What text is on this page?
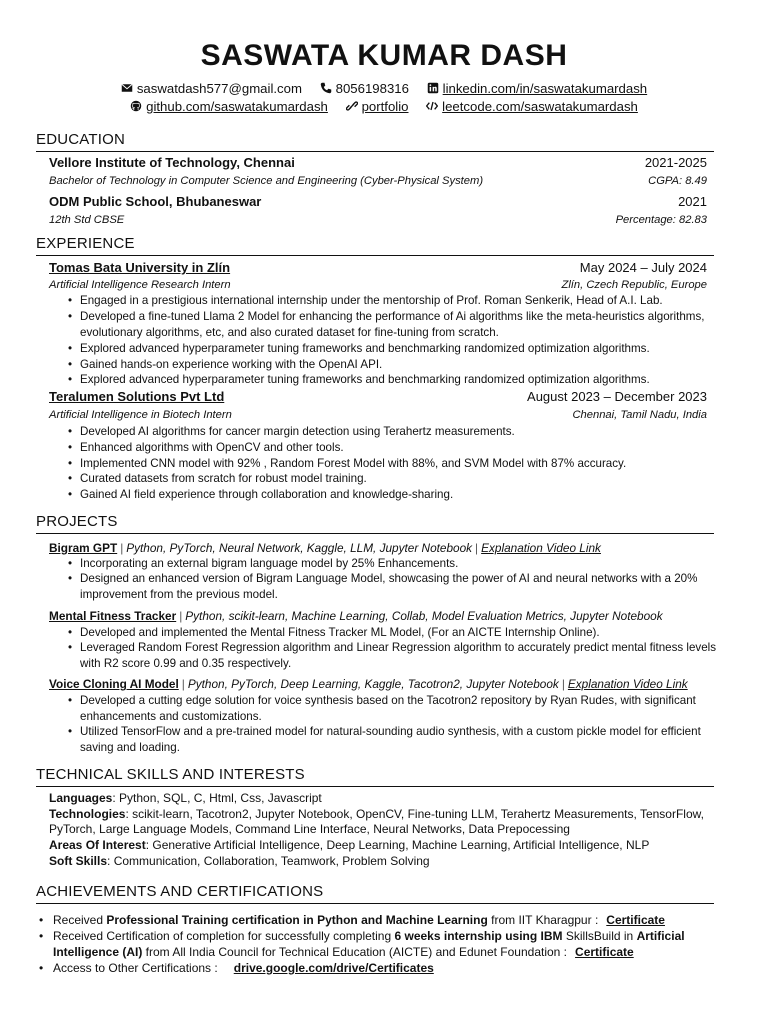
SASWATA KUMAR DASH
saswatdash577@gmail.com	8056198316	linkedin.com/in/saswatakumardash
github.com/saswatakumardash	portfolio	leetcode.com/saswatakumardash
EDUCATION
Vellore Institute of Technology, Chennai	2021-2025
Bachelor of Technology in Computer Science and Engineering (Cyber-Physical System)	CGPA: 8.49
ODM Public School, Bhubaneswar	2021
12th Std CBSE	Percentage: 82.83
EXPERIENCE
Tomas Bata University in Zlín	May 2024 – July 2024
Artificial Intelligence Research Intern	Zlín, Czech Republic, Europe
• Engaged in a prestigious international internship under the mentorship of Prof. Roman Senkerik, Head of A.I. Lab.
• Developed a fine-tuned Llama 2 Model for enhancing the performance of Ai algorithms like the meta-heuristics algorithms, evolutionary algorithms, etc, and also curated dataset for fine-tuning from scratch.
• Explored advanced hyperparameter tuning frameworks and benchmarking randomized optimization algorithms.
• Gained hands-on experience working with the OpenAI API.
• Explored advanced hyperparameter tuning frameworks and benchmarking randomized optimization algorithms.
Teralumen Solutions Pvt Ltd	August 2023 – December 2023
Artificial Intelligence in Biotech Intern	Chennai, Tamil Nadu, India
• Developed AI algorithms for cancer margin detection using Terahertz measurements.
• Enhanced algorithms with OpenCV and other tools.
• Implemented CNN model with 92% , Random Forest Model with 88%, and SVM Model with 87% accuracy.
• Curated datasets from scratch for robust model training.
• Gained AI field experience through collaboration and knowledge-sharing.
PROJECTS
Bigram GPT | Python, PyTorch, Neural Network, Kaggle, LLM, Jupyter Notebook | Explanation Video Link
• Incorporating an external bigram language model by 25% Enhancements.
• Designed an enhanced version of Bigram Language Model, showcasing the power of AI and neural networks with a 20% improvement from the previous model.
Mental Fitness Tracker | Python, scikit-learn, Machine Learning, Collab, Model Evaluation Metrics, Jupyter Notebook
• Developed and implemented the Mental Fitness Tracker ML Model, (For an AICTE Internship Online).
• Leveraged Random Forest Regression algorithm and Linear Regression algorithm to accurately predict mental fitness levels with R2 score 0.99 and 0.35 respectively.
Voice Cloning AI Model | Python, PyTorch, Deep Learning, Kaggle, Tacotron2, Jupyter Notebook | Explanation Video Link
• Developed a cutting edge solution for voice synthesis based on the Tacotron2 repository by Ryan Rudes, with significant enhancements and customizations.
• Utilized TensorFlow and a pre-trained model for natural-sounding audio synthesis, with a custom pickle model for efficient saving and loading.
TECHNICAL SKILLS AND INTERESTS
Languages: Python, SQL, C, Html, Css, Javascript
Technologies: scikit-learn, Tacotron2, Jupyter Notebook, OpenCV, Fine-tuning LLM, Terahertz Measurements, TensorFlow, PyTorch, Large Language Models, Command Line Interface, Neural Networks, Data Prepocessing
Areas Of Interest: Generative Artificial Intelligence, Deep Learning, Machine Learning, Artificial Intelligence, NLP
Soft Skills: Communication, Collaboration, Teamwork, Problem Solving
ACHIEVEMENTS AND CERTIFICATIONS
• Received Professional Training certification in Python and Machine Learning from IIT Kharagpur : Certificate
• Received Certification of completion for successfully completing 6 weeks internship using IBM SkillsBuild in Artificial Intelligence (AI) from All India Council for Technical Education (AICTE) and Edunet Foundation : Certificate
• Access to Other Certifications : drive.google.com/drive/Certificates
